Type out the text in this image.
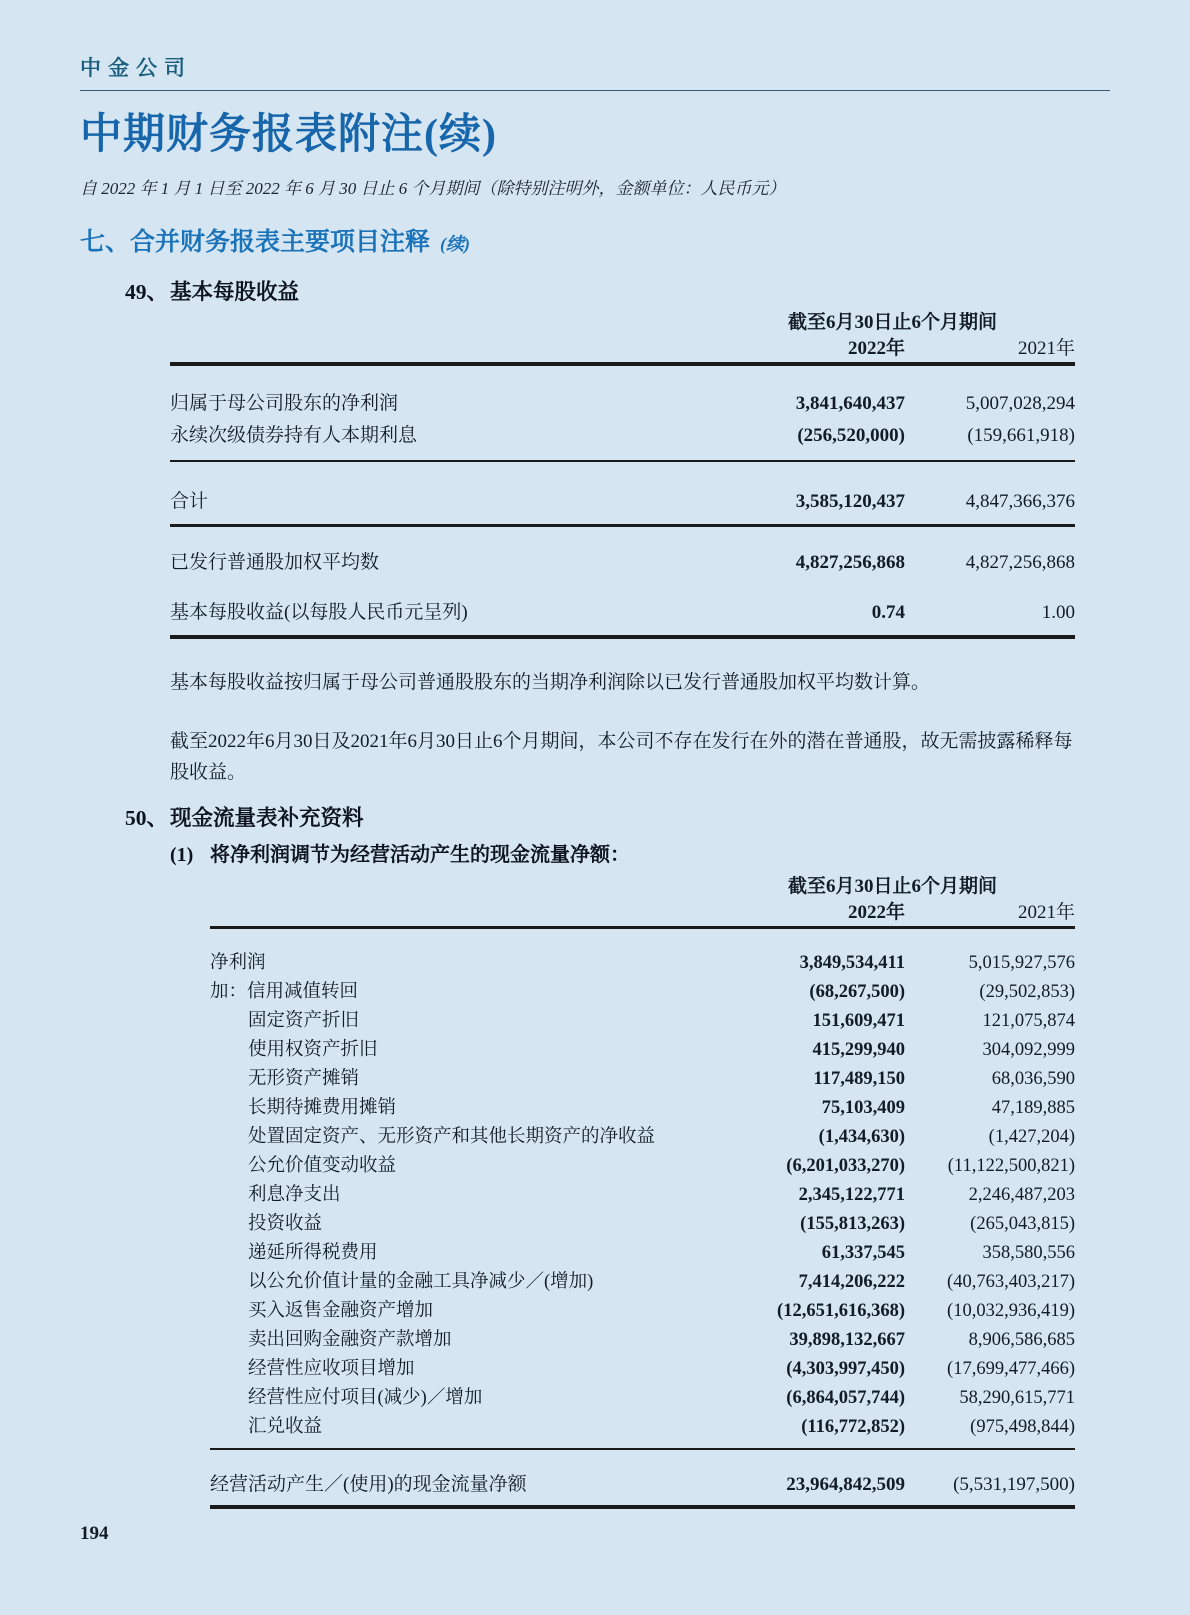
中金公司
中期财务报表附注(续)

自 2022 年 1 月 1 日至 2022 年 6 月 30 日止 6 个月期间（除特别注明外，金额单位：人民币元）

七、合并财务报表主要项目注释 (续)
49、基本每股收益
截至6月30日止6个月期间
2022年	2021年
归属于母公司股东的净利润	3,841,640,437	5,007,028,294
永续次级债券持有人本期利息	(256,520,000)	(159,661,918)
合计	3,585,120,437	4,847,366,376
已发行普通股加权平均数	4,827,256,868	4,827,256,868
基本每股收益(以每股人民币元呈列)	0.74	1.00

基本每股收益按归属于母公司普通股股东的当期净利润除以已发行普通股加权平均数计算。

截至2022年6月30日及2021年6月30日止6个月期间，本公司不存在发行在外的潜在普通股，故无需披露稀释每股收益。

50、现金流量表补充资料
(1) 将净利润调节为经营活动产生的现金流量净额：
截至6月30日止6个月期间
2022年	2021年
净利润	3,849,534,411	5,015,927,576
加：信用减值转回	(68,267,500)	(29,502,853)
固定资产折旧	151,609,471	121,075,874
使用权资产折旧	415,299,940	304,092,999
无形资产摊销	117,489,150	68,036,590
长期待摊费用摊销	75,103,409	47,189,885
处置固定资产、无形资产和其他长期资产的净收益	(1,434,630)	(1,427,204)
公允价值变动收益	(6,201,033,270)	(11,122,500,821)
利息净支出	2,345,122,771	2,246,487,203
投资收益	(155,813,263)	(265,043,815)
递延所得税费用	61,337,545	358,580,556
以公允价值计量的金融工具净减少／(增加)	7,414,206,222	(40,763,403,217)
买入返售金融资产增加	(12,651,616,368)	(10,032,936,419)
卖出回购金融资产款增加	39,898,132,667	8,906,586,685
经营性应收项目增加	(4,303,997,450)	(17,699,477,466)
经营性应付项目(减少)／增加	(6,864,057,744)	58,290,615,771
汇兑收益	(116,772,852)	(975,498,844)
经营活动产生／(使用)的现金流量净额	23,964,842,509	(5,531,197,500)
194
